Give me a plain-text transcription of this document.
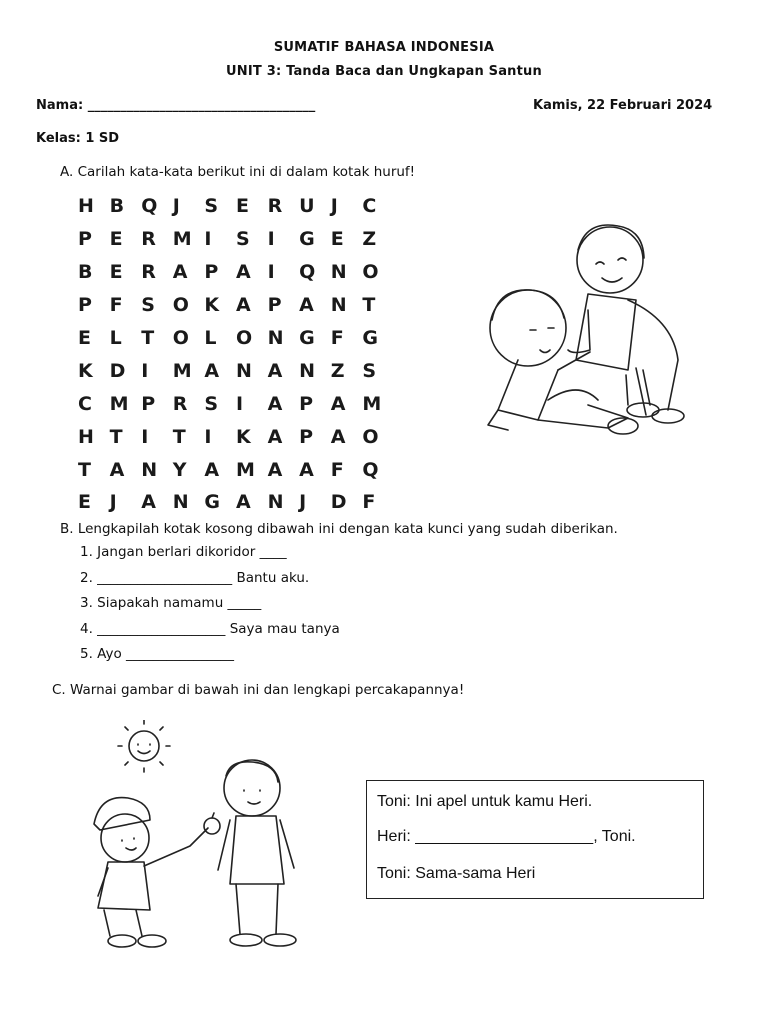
SUMATIF BAHASA INDONESIA
UNIT 3: Tanda Baca dan Ungkapan Santun
Nama: ___________________________________	Kamis, 22 Februari 2024
Kelas: 1 SD
A. Carilah kata-kata berikut ini di dalam kotak huruf!
H B Q J	S E R U J	C
P E R M I	S I	G E Z
B E R A P A I	Q N O
P F S O K A P A N T
E L T O L O N G F G
K D I	M A N A N Z S
C M P R S I	A P A M
H T I	T I	K A P A O
T A N Y A M A A F Q
E J	A N G A N J	D F
B. Lengkapilah kotak kosong dibawah ini dengan kata kunci yang sudah diberikan.
1. Jangan berlari dikoridor ____
2. ____________________ Bantu aku.
3. Siapakah namamu _____
4. ___________________ Saya mau tanya
5. Ayo ________________
C. Warnai gambar di bawah ini dan lengkapi percakapannya!
Toni: Ini apel untuk kamu Heri.
Heri: ____________________, Toni.
Toni: Sama-sama Heri
